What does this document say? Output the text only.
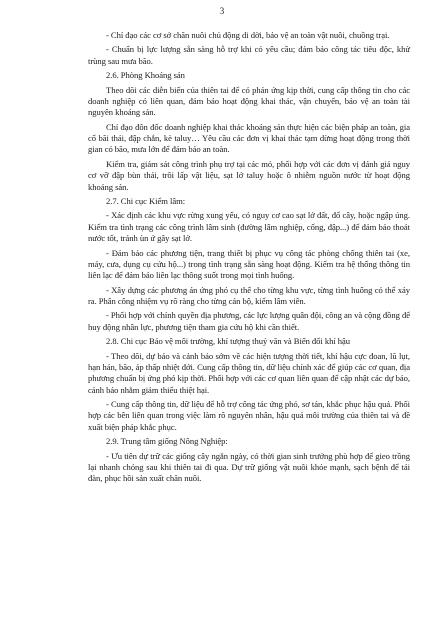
3

- Chỉ đạo các cơ sở chăn nuôi chủ động di dời, bảo vệ an toàn vật nuôi, chuồng trại.

- Chuẩn bị lực lượng sẵn sàng hỗ trợ khi có yêu cầu; đảm bảo công tác tiêu độc, khử trùng sau mưa bão.

2.6. Phòng Khoáng sản

Theo dõi các diễn biến của thiên tai để có phản ứng kịp thời, cung cấp thông tin cho các doanh nghiệp có liên quan, đảm bảo hoạt động khai thác, vận chuyển, bảo vệ an toàn tài nguyên khoáng sản.

Chỉ đạo đôn đốc doanh nghiệp khai thác khoáng sản thực hiện các biện pháp an toàn, gia cố bãi thải, đập chắn, kè taluy… Yêu cầu các đơn vị khai thác tạm dừng hoạt động trong thời gian có bão, mưa lớn để đảm bảo an toàn.

Kiểm tra, giám sát công trình phụ trợ tại các mỏ, phối hợp với các đơn vị đánh giá nguy cơ vỡ đập bùn thải, trôi lấp vật liệu, sạt lở taluy hoặc ô nhiễm nguồn nước từ hoạt động khoáng sản.

2.7. Chi cục Kiểm lâm:

- Xác định các khu vực rừng xung yếu, có nguy cơ cao sạt lở đất, đổ cây, hoặc ngập úng. Kiểm tra tình trạng các công trình lâm sinh (đường lâm nghiệp, cống, đập...) để đảm bảo thoát nước tốt, tránh ùn ứ gây sạt lở.

- Đảm bảo các phương tiện, trang thiết bị phục vụ công tác phòng chống thiên tai (xe, máy, cưa, dụng cụ cứu hộ...) trong tình trạng sẵn sàng hoạt động. Kiểm tra hệ thống thông tin liên lạc để đảm bảo liên lạc thông suốt trong mọi tình huống.

- Xây dựng các phương án ứng phó cụ thể cho từng khu vực, từng tình huống có thể xảy ra. Phân công nhiệm vụ rõ ràng cho từng cán bộ, kiểm lâm viên.

- Phối hợp với chính quyền địa phương, các lực lượng quân đội, công an và cộng đồng để huy động nhân lực, phương tiện tham gia cứu hộ khi cần thiết.

2.8. Chi cục Bảo vệ môi trường, khí tượng thuỷ văn và Biến đổi khí hậu

- Theo dõi, dự báo và cảnh báo sớm về các hiện tượng thời tiết, khí hậu cực đoan, lũ lụt, hạn hán, bão, áp thấp nhiệt đới. Cung cấp thông tin, dữ liệu chính xác để giúp các cơ quan, địa phương chuẩn bị ứng phó kịp thời. Phối hợp với các cơ quan liên quan để cập nhật các dự báo, cảnh báo nhằm giảm thiểu thiệt hại.

- Cung cấp thông tin, dữ liệu để hỗ trợ công tác ứng phó, sơ tán, khắc phục hậu quả. Phối hợp các bên liên quan trong việc làm rõ nguyên nhân, hậu quả môi trường của thiên tai và đề xuất biện pháp khắc phục.

2.9. Trung tâm giống Nông Nghiệp:

- Ưu tiên dự trữ các giống cây ngắn ngày, có thời gian sinh trưởng phù hợp để gieo trồng lại nhanh chóng sau khi thiên tai đi qua. Dự trữ giống vật nuôi khỏe mạnh, sạch bệnh để tái đàn, phục hồi sản xuất chăn nuôi.
